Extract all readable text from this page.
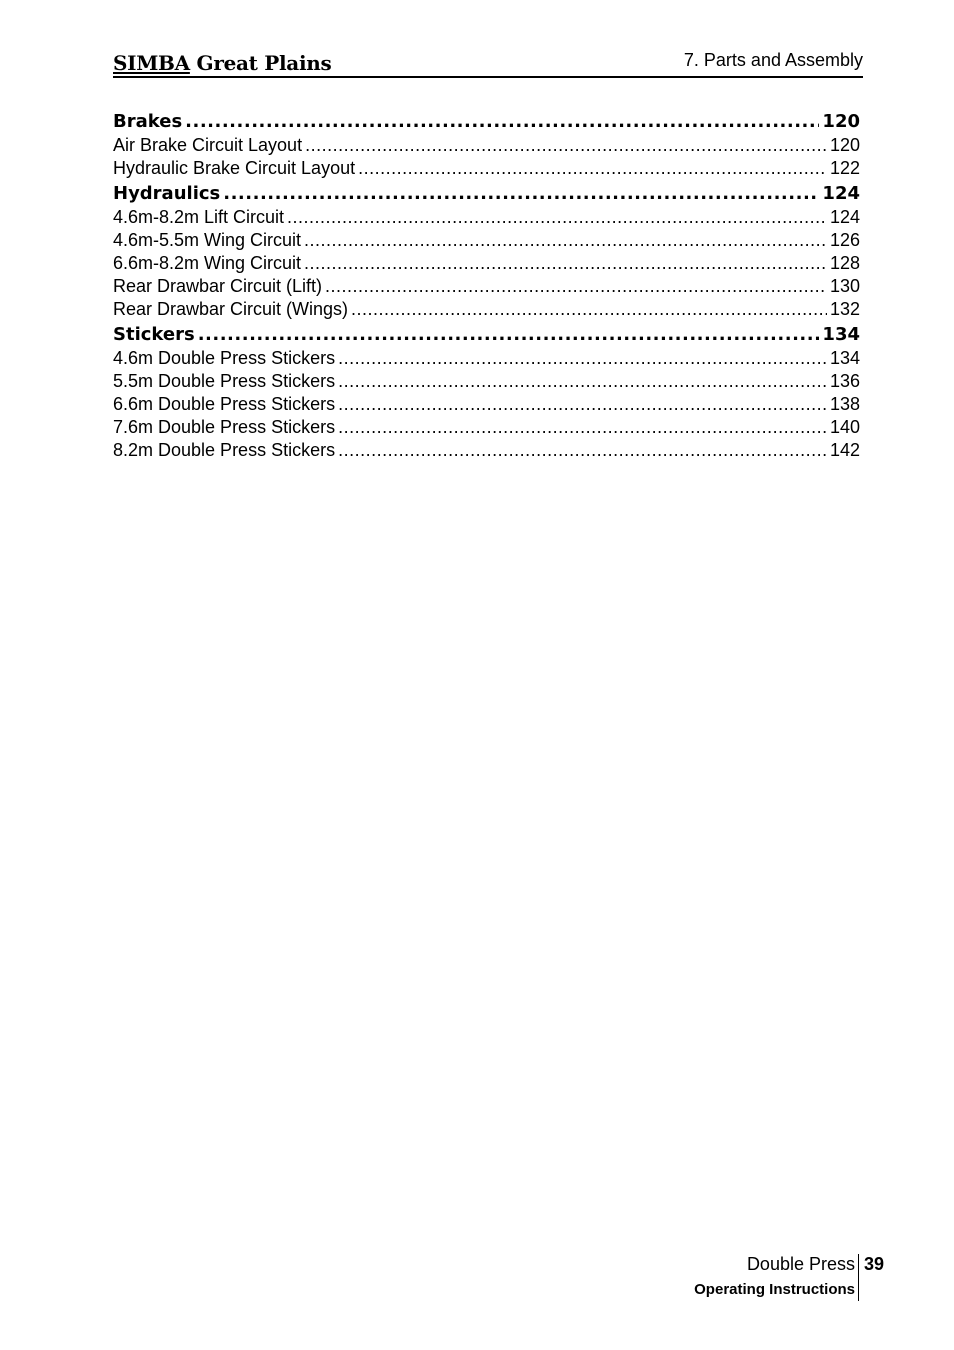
SIMBA Great Plains	7. Parts and Assembly
Brakes .....	120
Air Brake Circuit Layout .....	120
Hydraulic Brake Circuit Layout .....	122
Hydraulics .....	124
4.6m-8.2m Lift Circuit .....	124
4.6m-5.5m Wing Circuit .....	126
6.6m-8.2m Wing Circuit .....	128
Rear Drawbar Circuit (Lift) .....	130
Rear Drawbar Circuit (Wings) .....	132
Stickers .....	134
4.6m Double Press Stickers .....	134
5.5m Double Press Stickers .....	136
6.6m Double Press Stickers .....	138
7.6m Double Press Stickers .....	140
8.2m Double Press Stickers .....	142
Double Press
Operating Instructions
39
